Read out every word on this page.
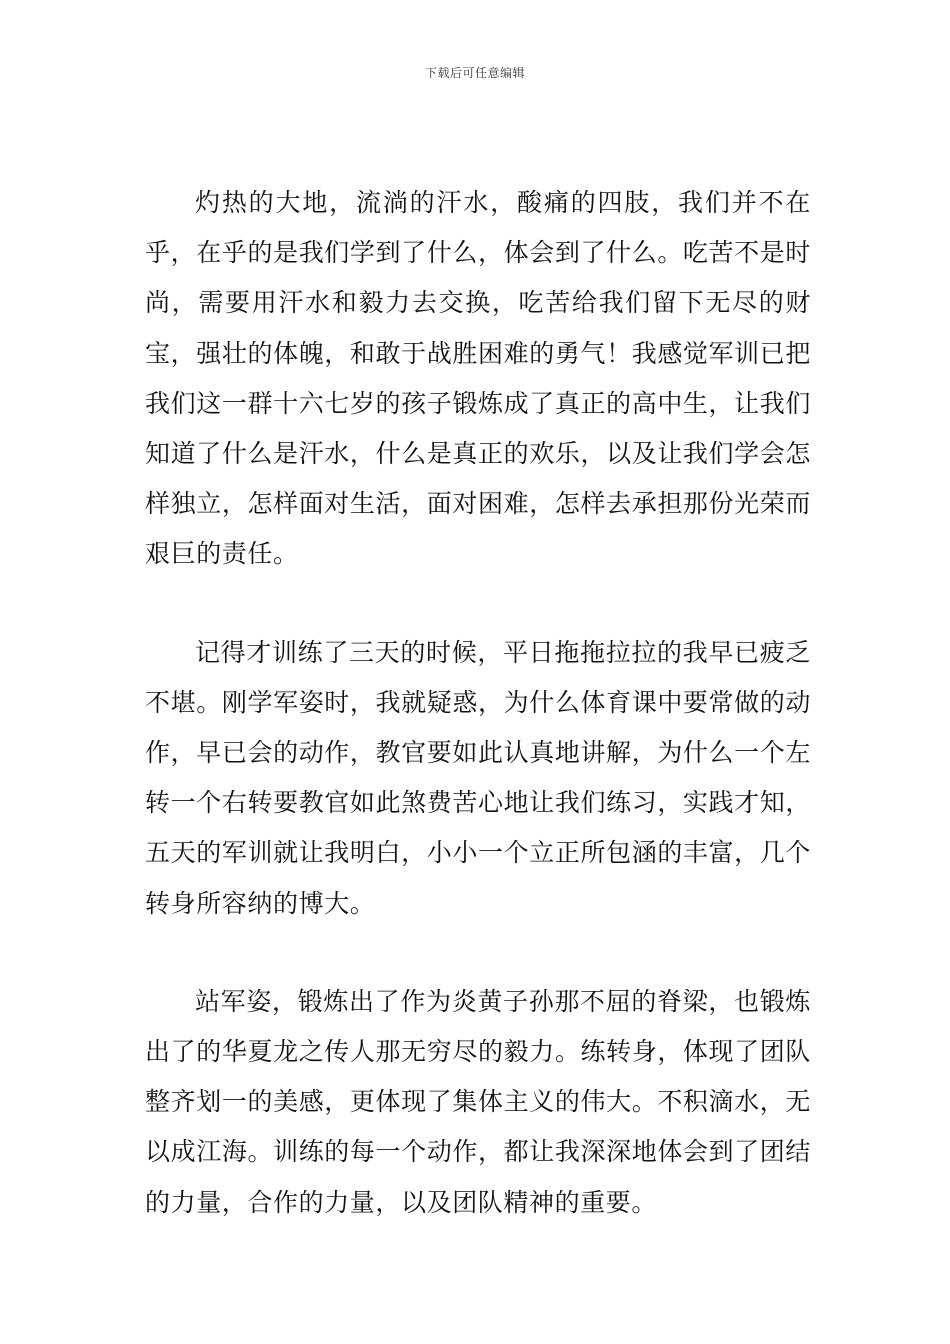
下载后可任意编辑

灼热的大地，流淌的汗水，酸痛的四肢，我们并不在乎，在乎的是我们学到了什么，体会到了什么。吃苦不是时尚，需要用汗水和毅力去交换，吃苦给我们留下无尽的财宝，强壮的体魄，和敢于战胜困难的勇气！我感觉军训已把我们这一群十六七岁的孩子锻炼成了真正的高中生，让我们知道了什么是汗水，什么是真正的欢乐，以及让我们学会怎样独立，怎样面对生活，面对困难，怎样去承担那份光荣而艰巨的责任。

记得才训练了三天的时候，平日拖拖拉拉的我早已疲乏不堪。刚学军姿时，我就疑惑，为什么体育课中要常做的动作，早已会的动作，教官要如此认真地讲解，为什么一个左转一个右转要教官如此煞费苦心地让我们练习，实践才知，五天的军训就让我明白，小小一个立正所包涵的丰富，几个转身所容纳的博大。

站军姿，锻炼出了作为炎黄子孙那不屈的脊梁，也锻炼出了的华夏龙之传人那无穷尽的毅力。练转身，体现了团队整齐划一的美感，更体现了集体主义的伟大。不积滴水，无以成江海。训练的每一个动作，都让我深深地体会到了团结的力量，合作的力量，以及团队精神的重要。
